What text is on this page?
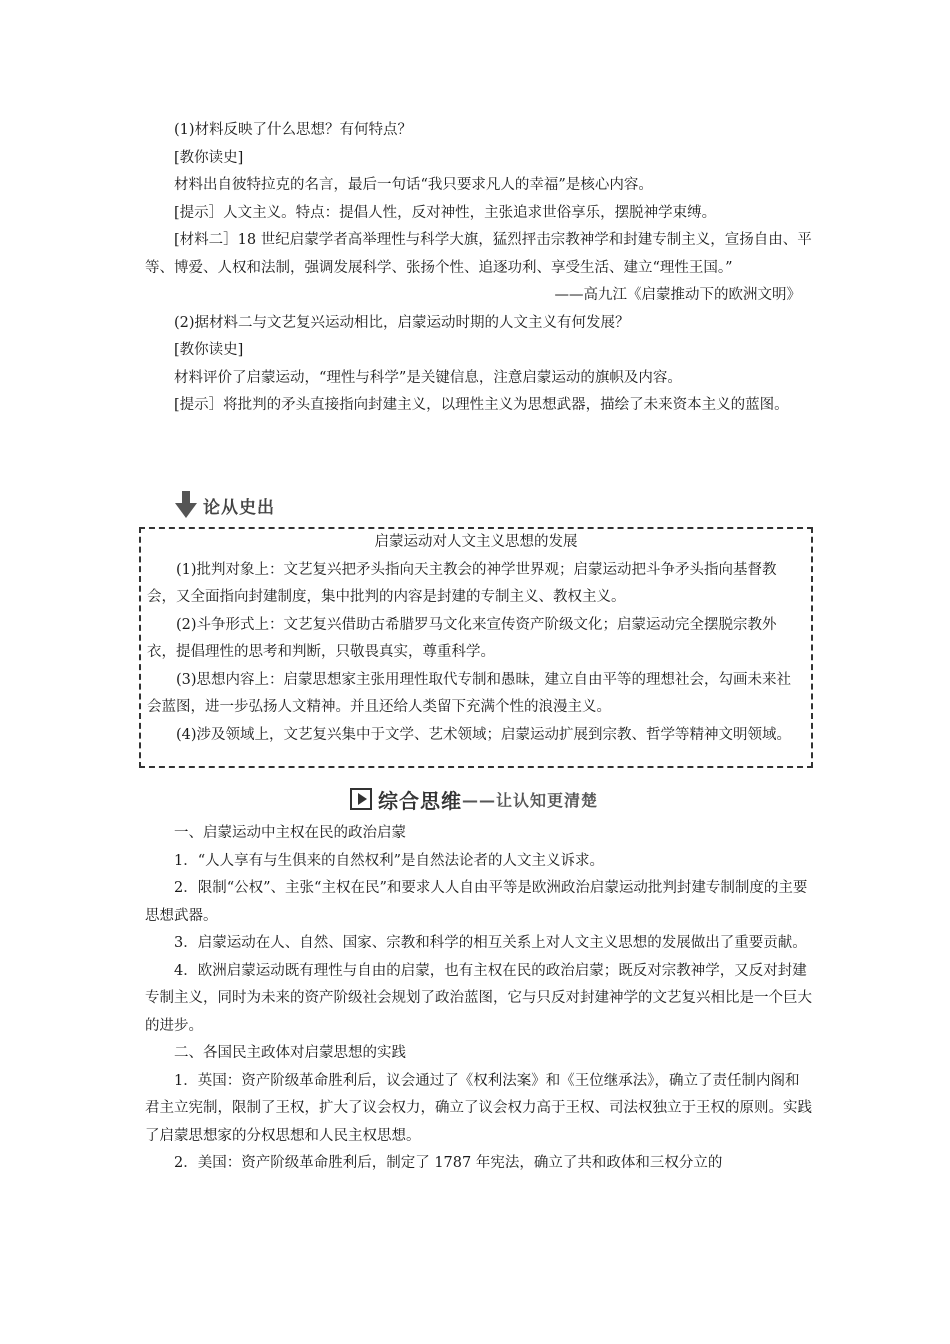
(1)材料反映了什么思想？有何特点？

[教你读史]

材料出自彼特拉克的名言，最后一句话“我只要求凡人的幸福”是核心内容。

[提示］人文主义。特点：提倡人性，反对神性，主张追求世俗享乐，摆脱神学束缚。

[材料二］18 世纪启蒙学者高举理性与科学大旗，猛烈抨击宗教神学和封建专制主义，宣扬自由、平等、博爱、人权和法制，强调发展科学、张扬个性、追逐功利、享受生活、建立“理性王国。”

——高九江《启蒙推动下的欧洲文明》

(2)据材料二与文艺复兴运动相比，启蒙运动时期的人文主义有何发展？

[教你读史]

材料评价了启蒙运动，“理性与科学”是关键信息，注意启蒙运动的旗帜及内容。

[提示］将批判的矛头直接指向封建主义，以理性主义为思想武器，描绘了未来资本主义的蓝图。

论从史出

启蒙运动对人文主义思想的发展

(1)批判对象上：文艺复兴把矛头指向天主教会的神学世界观；启蒙运动把斗争矛头指向基督教会，又全面指向封建制度，集中批判的内容是封建的专制主义、教权主义。

(2)斗争形式上：文艺复兴借助古希腊罗马文化来宣传资产阶级文化；启蒙运动完全摆脱宗教外衣，提倡理性的思考和判断，只敬畏真实，尊重科学。

(3)思想内容上：启蒙思想家主张用理性取代专制和愚昧，建立自由平等的理想社会，勾画未来社会蓝图，进一步弘扬人文精神。并且还给人类留下充满个性的浪漫主义。

(4)涉及领域上，文艺复兴集中于文学、艺术领域；启蒙运动扩展到宗教、哲学等精神文明领域。

综合思维 ——让认知更清楚

一、启蒙运动中主权在民的政治启蒙

1．“人人享有与生俱来的自然权利”是自然法论者的人文主义诉求。

2．限制“公权”、主张“主权在民”和要求人人自由平等是欧洲政治启蒙运动批判封建专制制度的主要思想武器。

3．启蒙运动在人、自然、国家、宗教和科学的相互关系上对人文主义思想的发展做出了重要贡献。

4．欧洲启蒙运动既有理性与自由的启蒙，也有主权在民的政治启蒙；既反对宗教神学，又反对封建专制主义，同时为未来的资产阶级社会规划了政治蓝图，它与只反对封建神学的文艺复兴相比是一个巨大的进步。

二、各国民主政体对启蒙思想的实践

1．英国：资产阶级革命胜利后，议会通过了《权利法案》和《王位继承法》，确立了责任制内阁和君主立宪制，限制了王权，扩大了议会权力，确立了议会权力高于王权、司法权独立于王权的原则。实践了启蒙思想家的分权思想和人民主权思想。

2．美国：资产阶级革命胜利后，制定了 1787 年宪法，确立了共和政体和三权分立的
